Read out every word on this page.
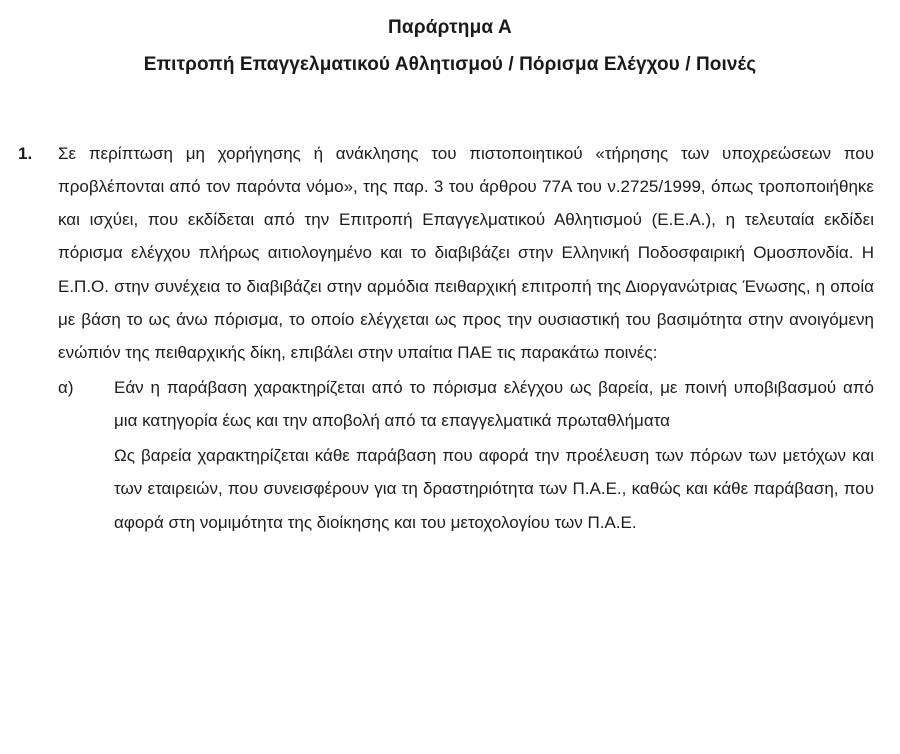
Παράρτημα Α
Επιτροπή Επαγγελματικού Αθλητισμού / Πόρισμα Ελέγχου / Ποινές
1.	Σε περίπτωση μη χορήγησης ή ανάκλησης του πιστοποιητικού «τήρησης των υποχρεώσεων που προβλέπονται από τον παρόντα νόμο», της παρ. 3 του άρθρου 77Α του ν.2725/1999, όπως τροποποιήθηκε και ισχύει, που εκδίδεται από την Επιτροπή Επαγγελματικού Αθλητισμού (Ε.Ε.Α.), η τελευταία εκδίδει πόρισμα ελέγχου πλήρως αιτιολογημένο και το διαβιβάζει στην Ελληνική Ποδοσφαιρική Ομοσπονδία. Η Ε.Π.Ο. στην συνέχεια το διαβιβάζει στην αρμόδια πειθαρχική επιτροπή της Διοργανώτριας Ένωσης, η οποία με βάση το ως άνω πόρισμα, το οποίο ελέγχεται ως προς την ουσιαστική του βασιμότητα στην ανοιγόμενη ενώπιόν της πειθαρχικής δίκη, επιβάλει στην υπαίτια ΠΑΕ τις παρακάτω ποινές:

α)	Εάν η παράβαση χαρακτηρίζεται από το πόρισμα ελέγχου ως βαρεία, με ποινή υποβιβασμού από μια κατηγορία έως και την αποβολή από τα επαγγελματικά πρωταθλήματα

Ως βαρεία χαρακτηρίζεται κάθε παράβαση που αφορά την προέλευση των πόρων των μετόχων και των εταιρειών, που συνεισφέρουν για τη δραστηριότητα των Π.Α.Ε., καθώς και κάθε παράβαση, που αφορά στη νομιμότητα της διοίκησης και του μετοχολογίου των Π.Α.Ε.
